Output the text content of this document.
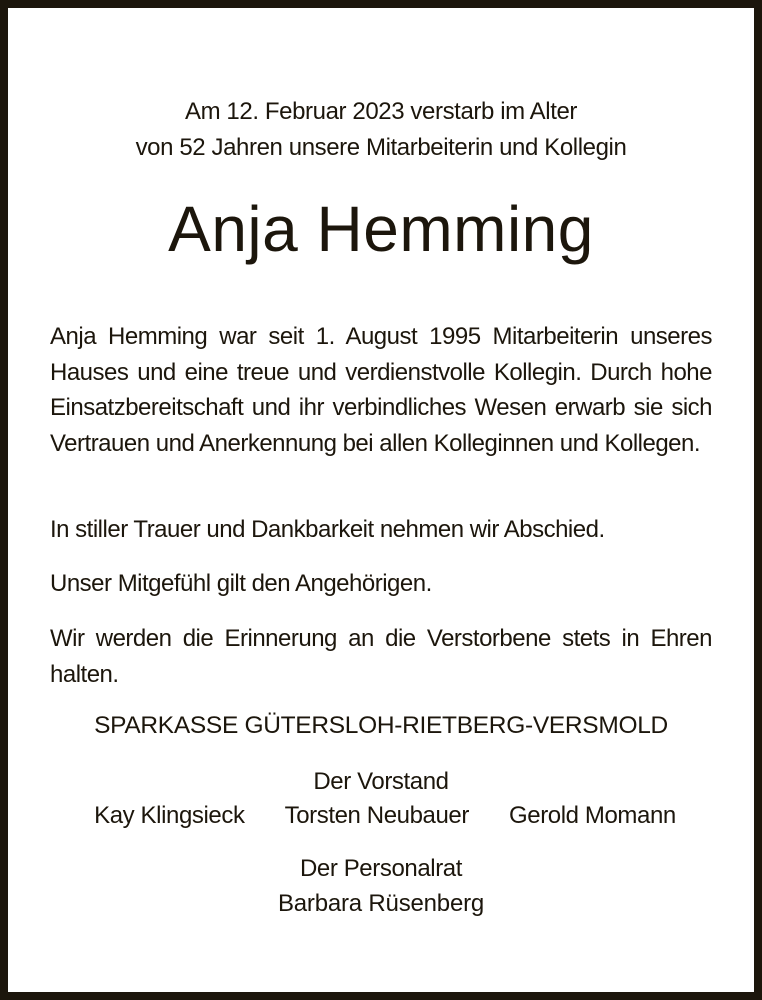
Am 12. Februar 2023 verstarb im Alter
von 52 Jahren unsere Mitarbeiterin und Kollegin
Anja Hemming

Anja Hemming war seit 1. August 1995 Mitarbeiterin unseres Hauses und eine treue und verdienstvolle Kollegin. Durch hohe Einsatzbereitschaft und ihr verbindliches Wesen erwarb sie sich Vertrauen und Anerkennung bei allen Kolleginnen und Kollegen.

In stiller Trauer und Dankbarkeit nehmen wir Abschied.

Unser Mitgefühl gilt den Angehörigen.

Wir werden die Erinnerung an die Verstorbene stets in Ehren halten.

SPARKASSE GÜTERSLOH-RIETBERG-VERSMOLD
Der Vorstand
Kay Klingsieck Torsten Neubauer Gerold Momann
Der Personalrat
Barbara Rüsenberg
